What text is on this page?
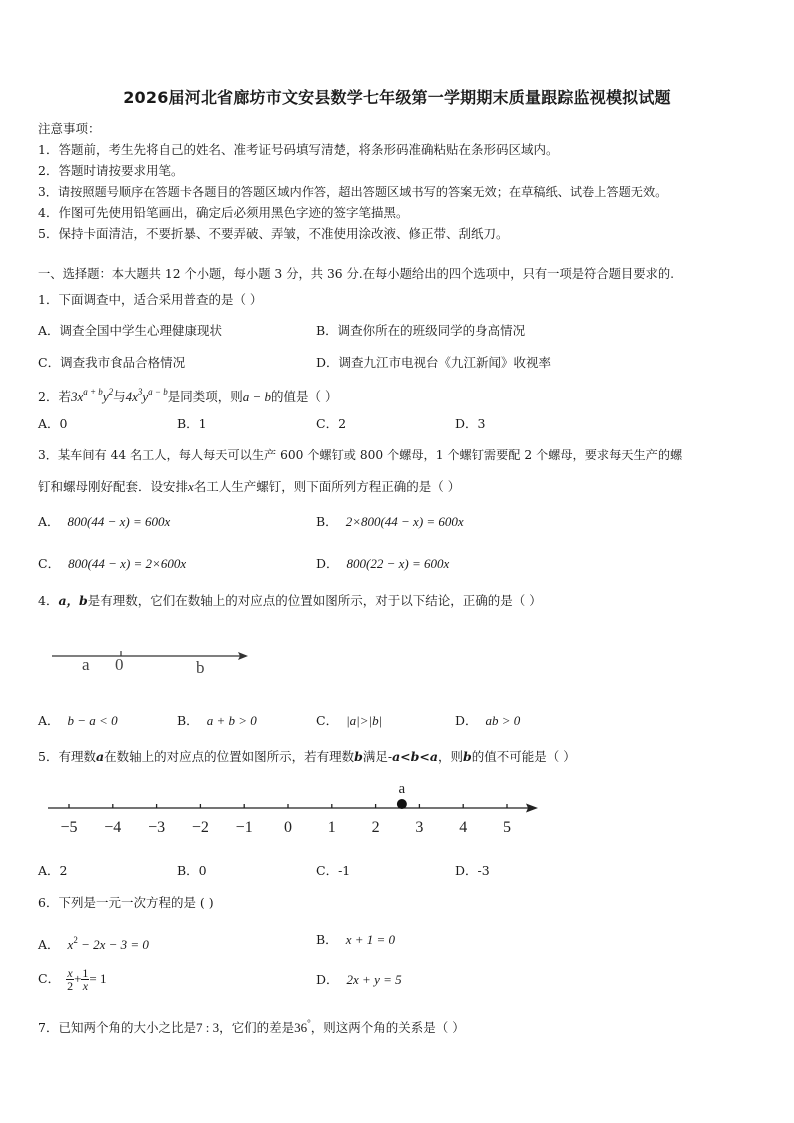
2026届河北省廊坊市文安县数学七年级第一学期期末质量跟踪监视模拟试题
注意事项：
1．答题前，考生先将自己的姓名、准考证号码填写清楚，将条形码准确粘贴在条形码区域内。
2．答题时请按要求用笔。
3．请按照题号顺序在答题卡各题目的答题区域内作答，超出答题区域书写的答案无效；在草稿纸、试卷上答题无效。
4．作图可先使用铅笔画出，确定后必须用黑色字迹的签字笔描黑。
5．保持卡面清洁，不要折暴、不要弄破、弄皱，不准使用涂改液、修正带、刮纸刀。
一、选择题：本大题共 12 个小题，每小题 3 分，共 36 分.在每小题给出的四个选项中，只有一项是符合题目要求的.
1．下面调查中，适合采用普查的是（ ）
A．调查全国中学生心理健康现状	B．调查你所在的班级同学的身高情况
C．调查我市食品合格情况	D．调查九江市电视台《九江新闻》收视率
2．若$3x^{a + b}y^2$与$4x^3y^{a - b}$是同类项，则a − b的值是（ ）
A．0	B．1	C．2	D．3
3．某车间有 44 名工人，每人每天可以生产 600 个螺钉或 800 个螺母，1 个螺钉需要配 2 个螺母，要求每天生产的螺
钉和螺母刚好配套．设安排x名工人生产螺钉，则下面所列方程正确的是（ ）
A． 800(44 − x) = 600x	B． 2×800(44 − x) = 600x
C． 800(44 − x) = 2×600x	D． 800(22 − x) = 600x
4．a，b是有理数，它们在数轴上的对应点的位置如图所示，对于以下结论，正确的是（ ）
a 0	b
A． b − a < 0	B． a + b > 0	C． |a|>|b|	D． ab > 0
5．有理数a在数轴上的对应点的位置如图所示，若有理数b满足-a<b<a，则b的值不可能是（ ）
−5 −4 −3 −2 −1 0 1 2 3 4 5
a
A．2	B．0	C．-1	D．-3
6．下列是一元一次方程的是 ( )
A． $x^2 - 2x - 3 = 0$	B． x + 1 = 0
C． $\frac{x}{2} + \frac{1}{x} = 1$	D． 2x + y = 5
7．已知两个角的大小之比是7 : 3，它们的差是36°，则这两个角的关系是（ ）
